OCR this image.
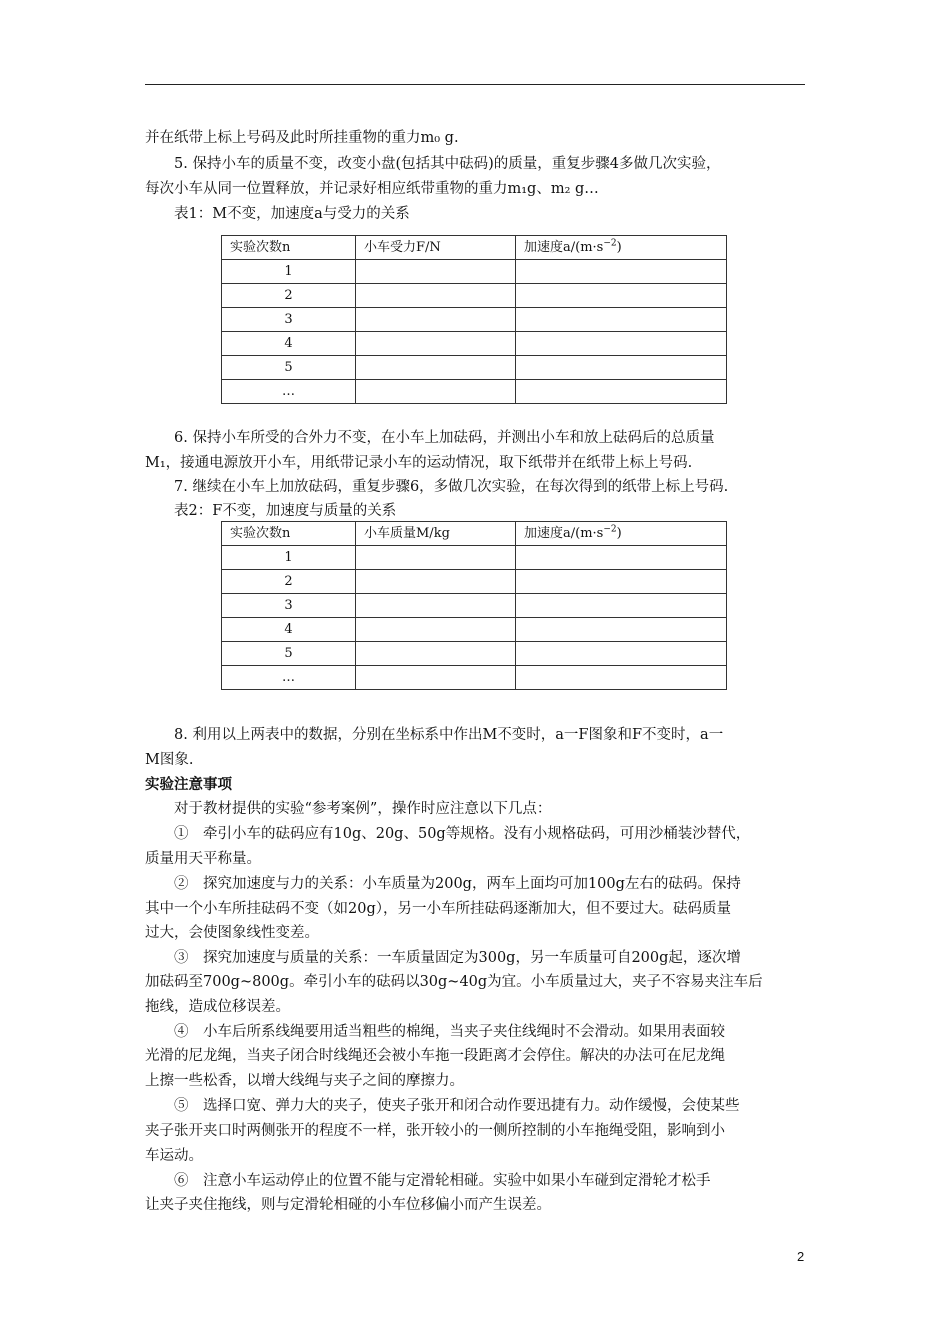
并在纸带上标上号码及此时所挂重物的重力m₀ g.
5. 保持小车的质量不变，改变小盘(包括其中砝码)的质量，重复步骤4多做几次实验，
每次小车从同一位置释放，并记录好相应纸带重物的重力m₁g、m₂ g…
表1：M不变，加速度a与受力的关系
实验次数n	小车受力F/N	加速度$a/(m\cdot s^{-2})$
1		
2		
3		
4		
5		
…		
6. 保持小车所受的合外力不变，在小车上加砝码，并测出小车和放上砝码后的总质量
M₁，接通电源放开小车，用纸带记录小车的运动情况，取下纸带并在纸带上标上号码.
7. 继续在小车上加放砝码，重复步骤6，多做几次实验，在每次得到的纸带上标上号码.
表2：F不变，加速度与质量的关系
实验次数n	小车质量M/kg	加速度$a/(m\cdot s^{-2})$
1		
2		
3		
4		
5		
…		
8. 利用以上两表中的数据，分别在坐标系中作出M不变时，a一F图象和F不变时，a一
M图象.
实验注意事项
对于教材提供的实验“参考案例”，操作时应注意以下几点：
①　牵引小车的砝码应有10g、20g、50g等规格。没有小规格砝码，可用沙桶装沙替代，
质量用天平称量。
②　探究加速度与力的关系：小车质量为200g，两车上面均可加100g左右的砝码。保持
其中一个小车所挂砝码不变（如20g），另一小车所挂砝码逐渐加大，但不要过大。砝码质量
过大，会使图象线性变差。
③　探究加速度与质量的关系：一车质量固定为300g，另一车质量可自200g起，逐次增
加砝码至700g~800g。牵引小车的砝码以30g~40g为宜。小车质量过大，夹子不容易夹注车后
拖线，造成位移误差。
④　小车后所系线绳要用适当粗些的棉绳，当夹子夹住线绳时不会滑动。如果用表面较
光滑的尼龙绳，当夹子闭合时线绳还会被小车拖一段距离才会停住。解决的办法可在尼龙绳
上擦一些松香，以增大线绳与夹子之间的摩擦力。
⑤　选择口宽、弹力大的夹子，使夹子张开和闭合动作要迅捷有力。动作缓慢，会使某些
夹子张开夹口时两侧张开的程度不一样，张开较小的一侧所控制的小车拖绳受阻，影响到小
车运动。
⑥　注意小车运动停止的位置不能与定滑轮相碰。实验中如果小车碰到定滑轮才松手
让夹子夹住拖线，则与定滑轮相碰的小车位移偏小而产生误差。
2
